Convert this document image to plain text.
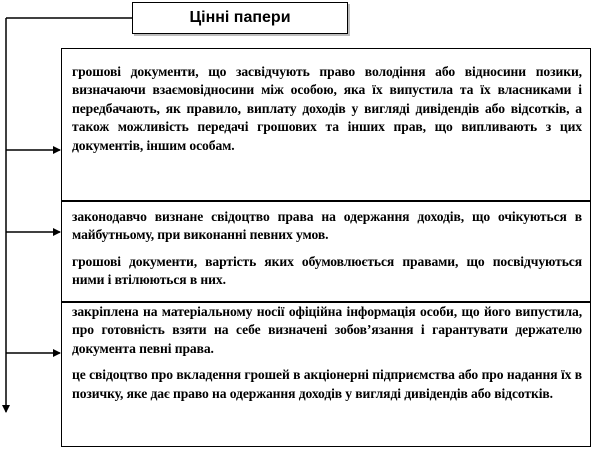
Цінні папери

грошові документи, що засвідчують право володіння або відносини позики, визначаючи взаємовідносини між особою, яка їх випустила та їх власниками і передбачають, як правило, виплату доходів у вигляді дивідендів або відсотків, а також можливість передачі грошових та інших прав, що випливають з цих документів, іншим особам.

законодавчо визнане свідоцтво права на одержання доходів, що очікуються в майбутньому, при виконанні певних умов.

грошові документи, вартість яких обумовлюється правами, що посвідчуються ними і втілюються в них.

закріплена на матеріальному носії офіційна інформація особи, що його випустила, про готовність взяти на себе визначені зобов’язання і гарантувати держателю документа певні права.

це свідоцтво про вкладення грошей в акціонерні підприємства або про надання їх в позичку, яке дає право на одержання доходів у вигляді дивідендів або відсотків.
